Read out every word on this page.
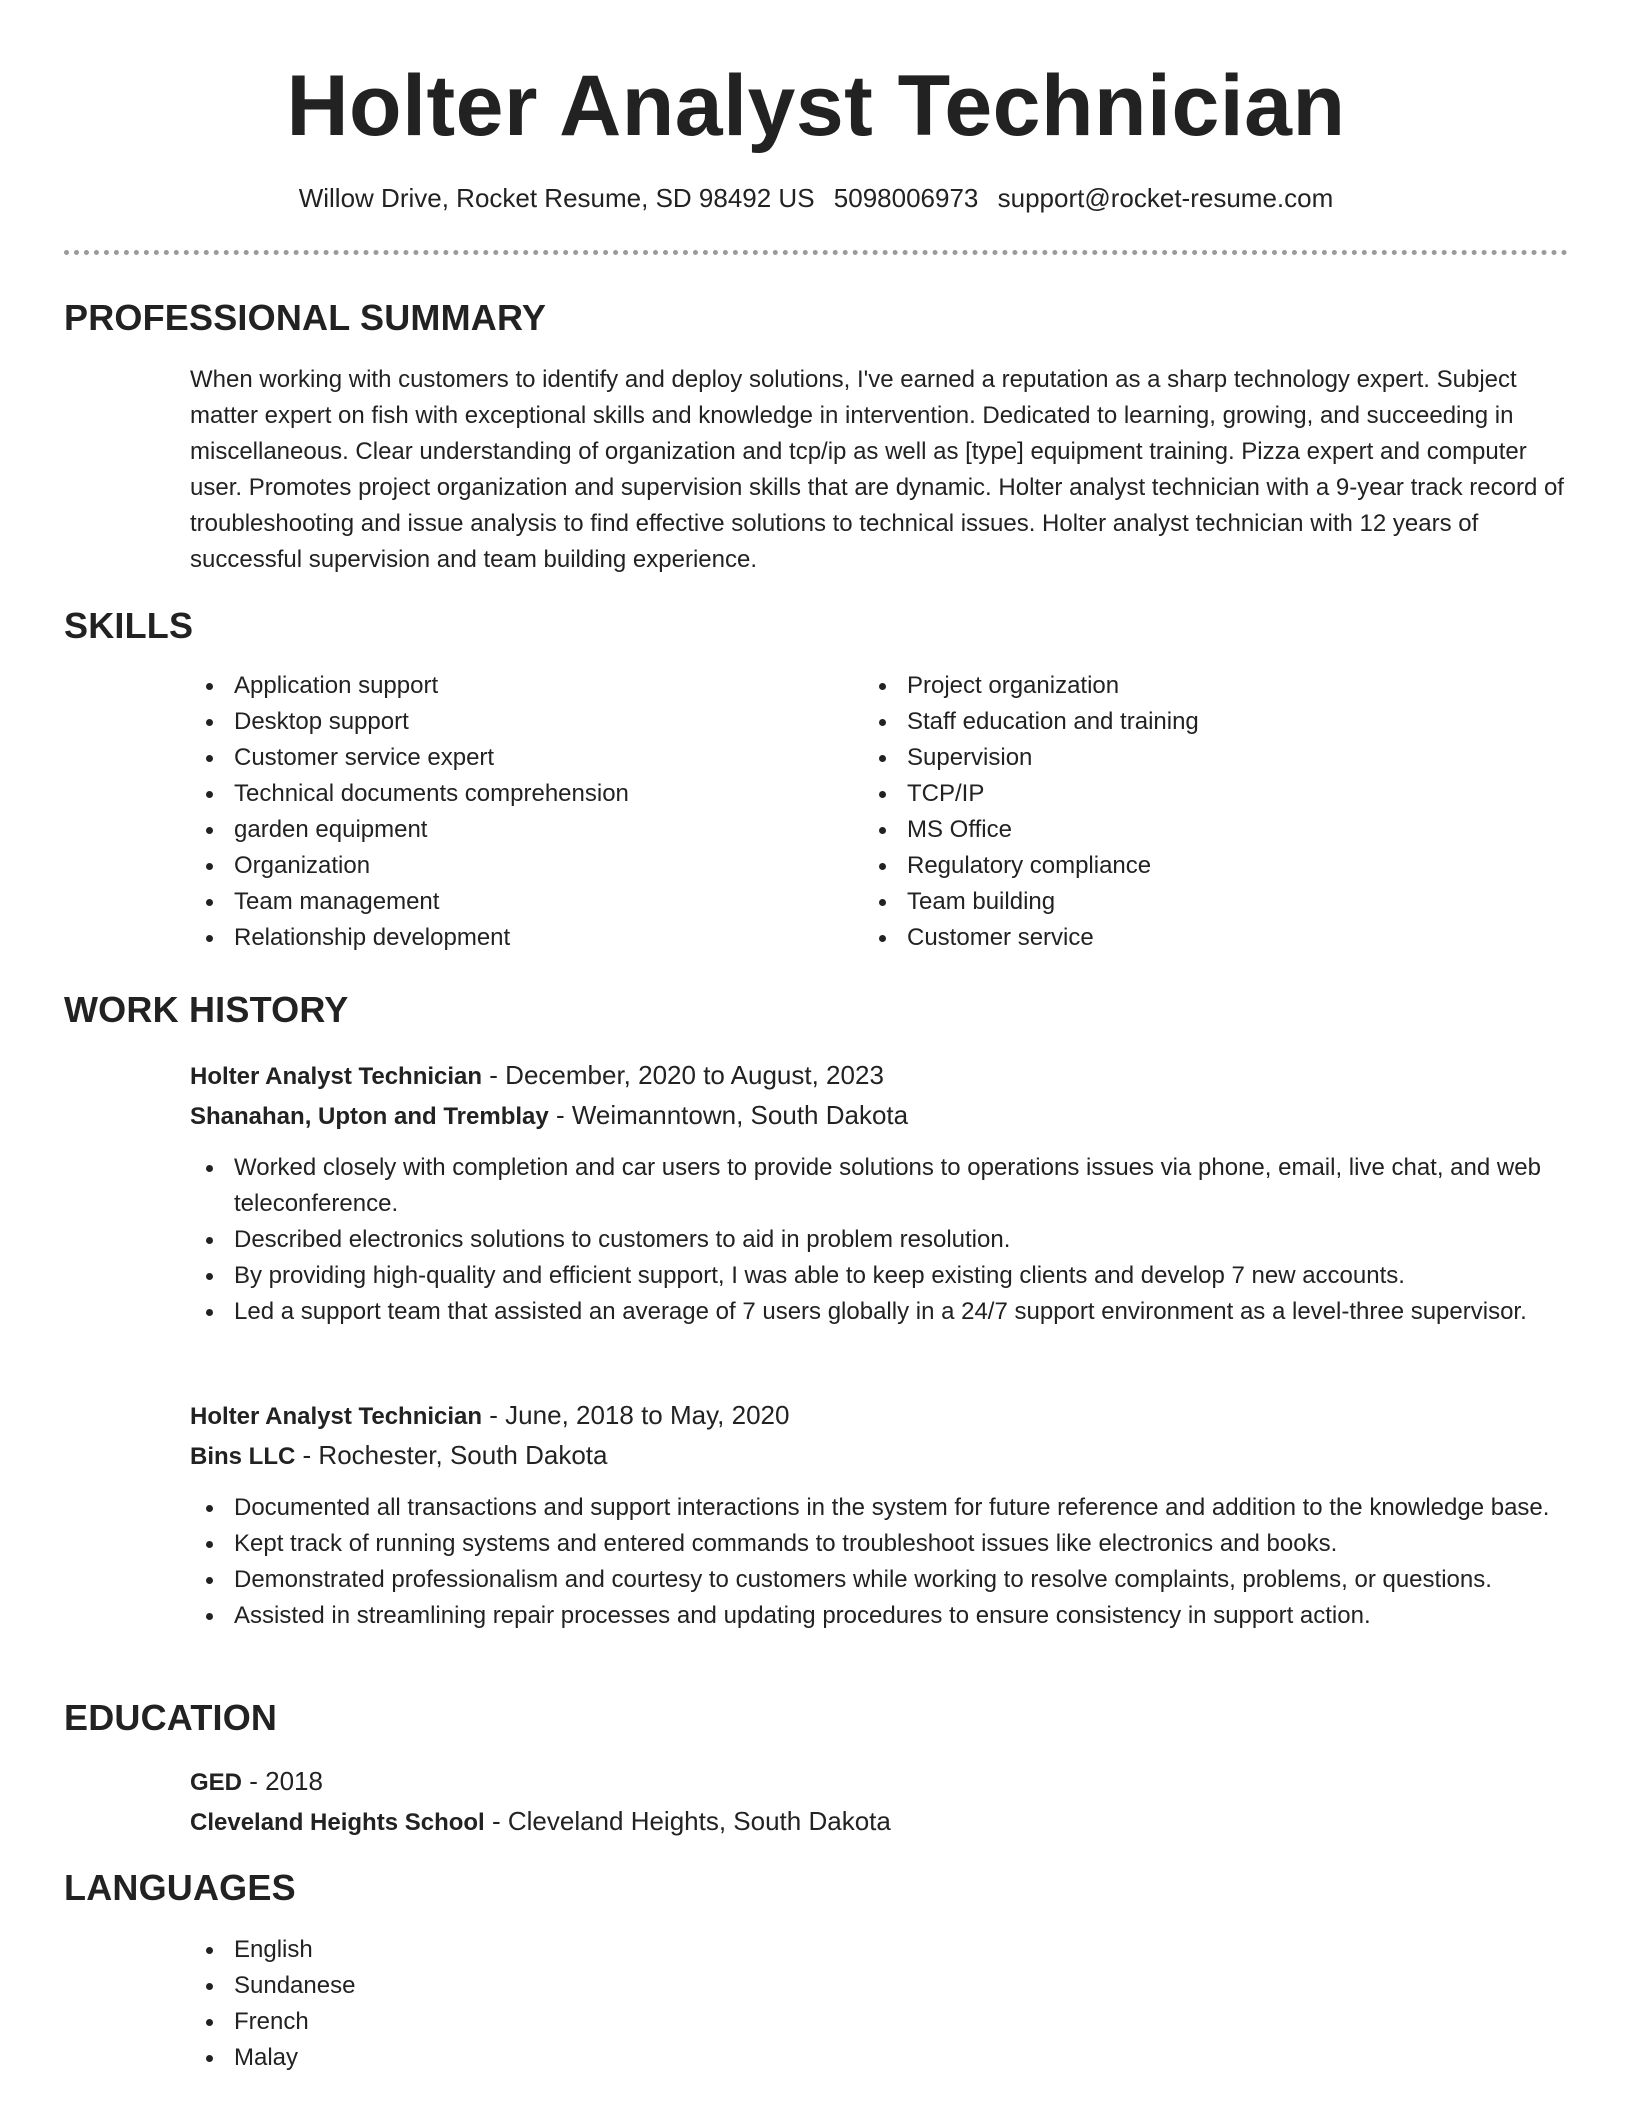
Holter Analyst Technician
Willow Drive, Rocket Resume, SD 98492 US 5098006973 support@rocket-resume.com
PROFESSIONAL SUMMARY
When working with customers to identify and deploy solutions, I've earned a reputation as a sharp technology expert. Subject matter expert on fish with exceptional skills and knowledge in intervention. Dedicated to learning, growing, and succeeding in miscellaneous. Clear understanding of organization and tcp/ip as well as [type] equipment training. Pizza expert and computer user. Promotes project organization and supervision skills that are dynamic. Holter analyst technician with a 9-year track record of troubleshooting and issue analysis to find effective solutions to technical issues. Holter analyst technician with 12 years of successful supervision and team building experience.
SKILLS
Application support
Desktop support
Customer service expert
Technical documents comprehension
garden equipment
Organization
Team management
Relationship development
Project organization
Staff education and training
Supervision
TCP/IP
MS Office
Regulatory compliance
Team building
Customer service
WORK HISTORY
Holter Analyst Technician - December, 2020 to August, 2023
Shanahan, Upton and Tremblay - Weimanntown, South Dakota
Worked closely with completion and car users to provide solutions to operations issues via phone, email, live chat, and web teleconference.
Described electronics solutions to customers to aid in problem resolution.
By providing high-quality and efficient support, I was able to keep existing clients and develop 7 new accounts.
Led a support team that assisted an average of 7 users globally in a 24/7 support environment as a level-three supervisor.
Holter Analyst Technician - June, 2018 to May, 2020
Bins LLC - Rochester, South Dakota
Documented all transactions and support interactions in the system for future reference and addition to the knowledge base.
Kept track of running systems and entered commands to troubleshoot issues like electronics and books.
Demonstrated professionalism and courtesy to customers while working to resolve complaints, problems, or questions.
Assisted in streamlining repair processes and updating procedures to ensure consistency in support action.
EDUCATION
GED - 2018
Cleveland Heights School - Cleveland Heights, South Dakota
LANGUAGES
English
Sundanese
French
Malay
